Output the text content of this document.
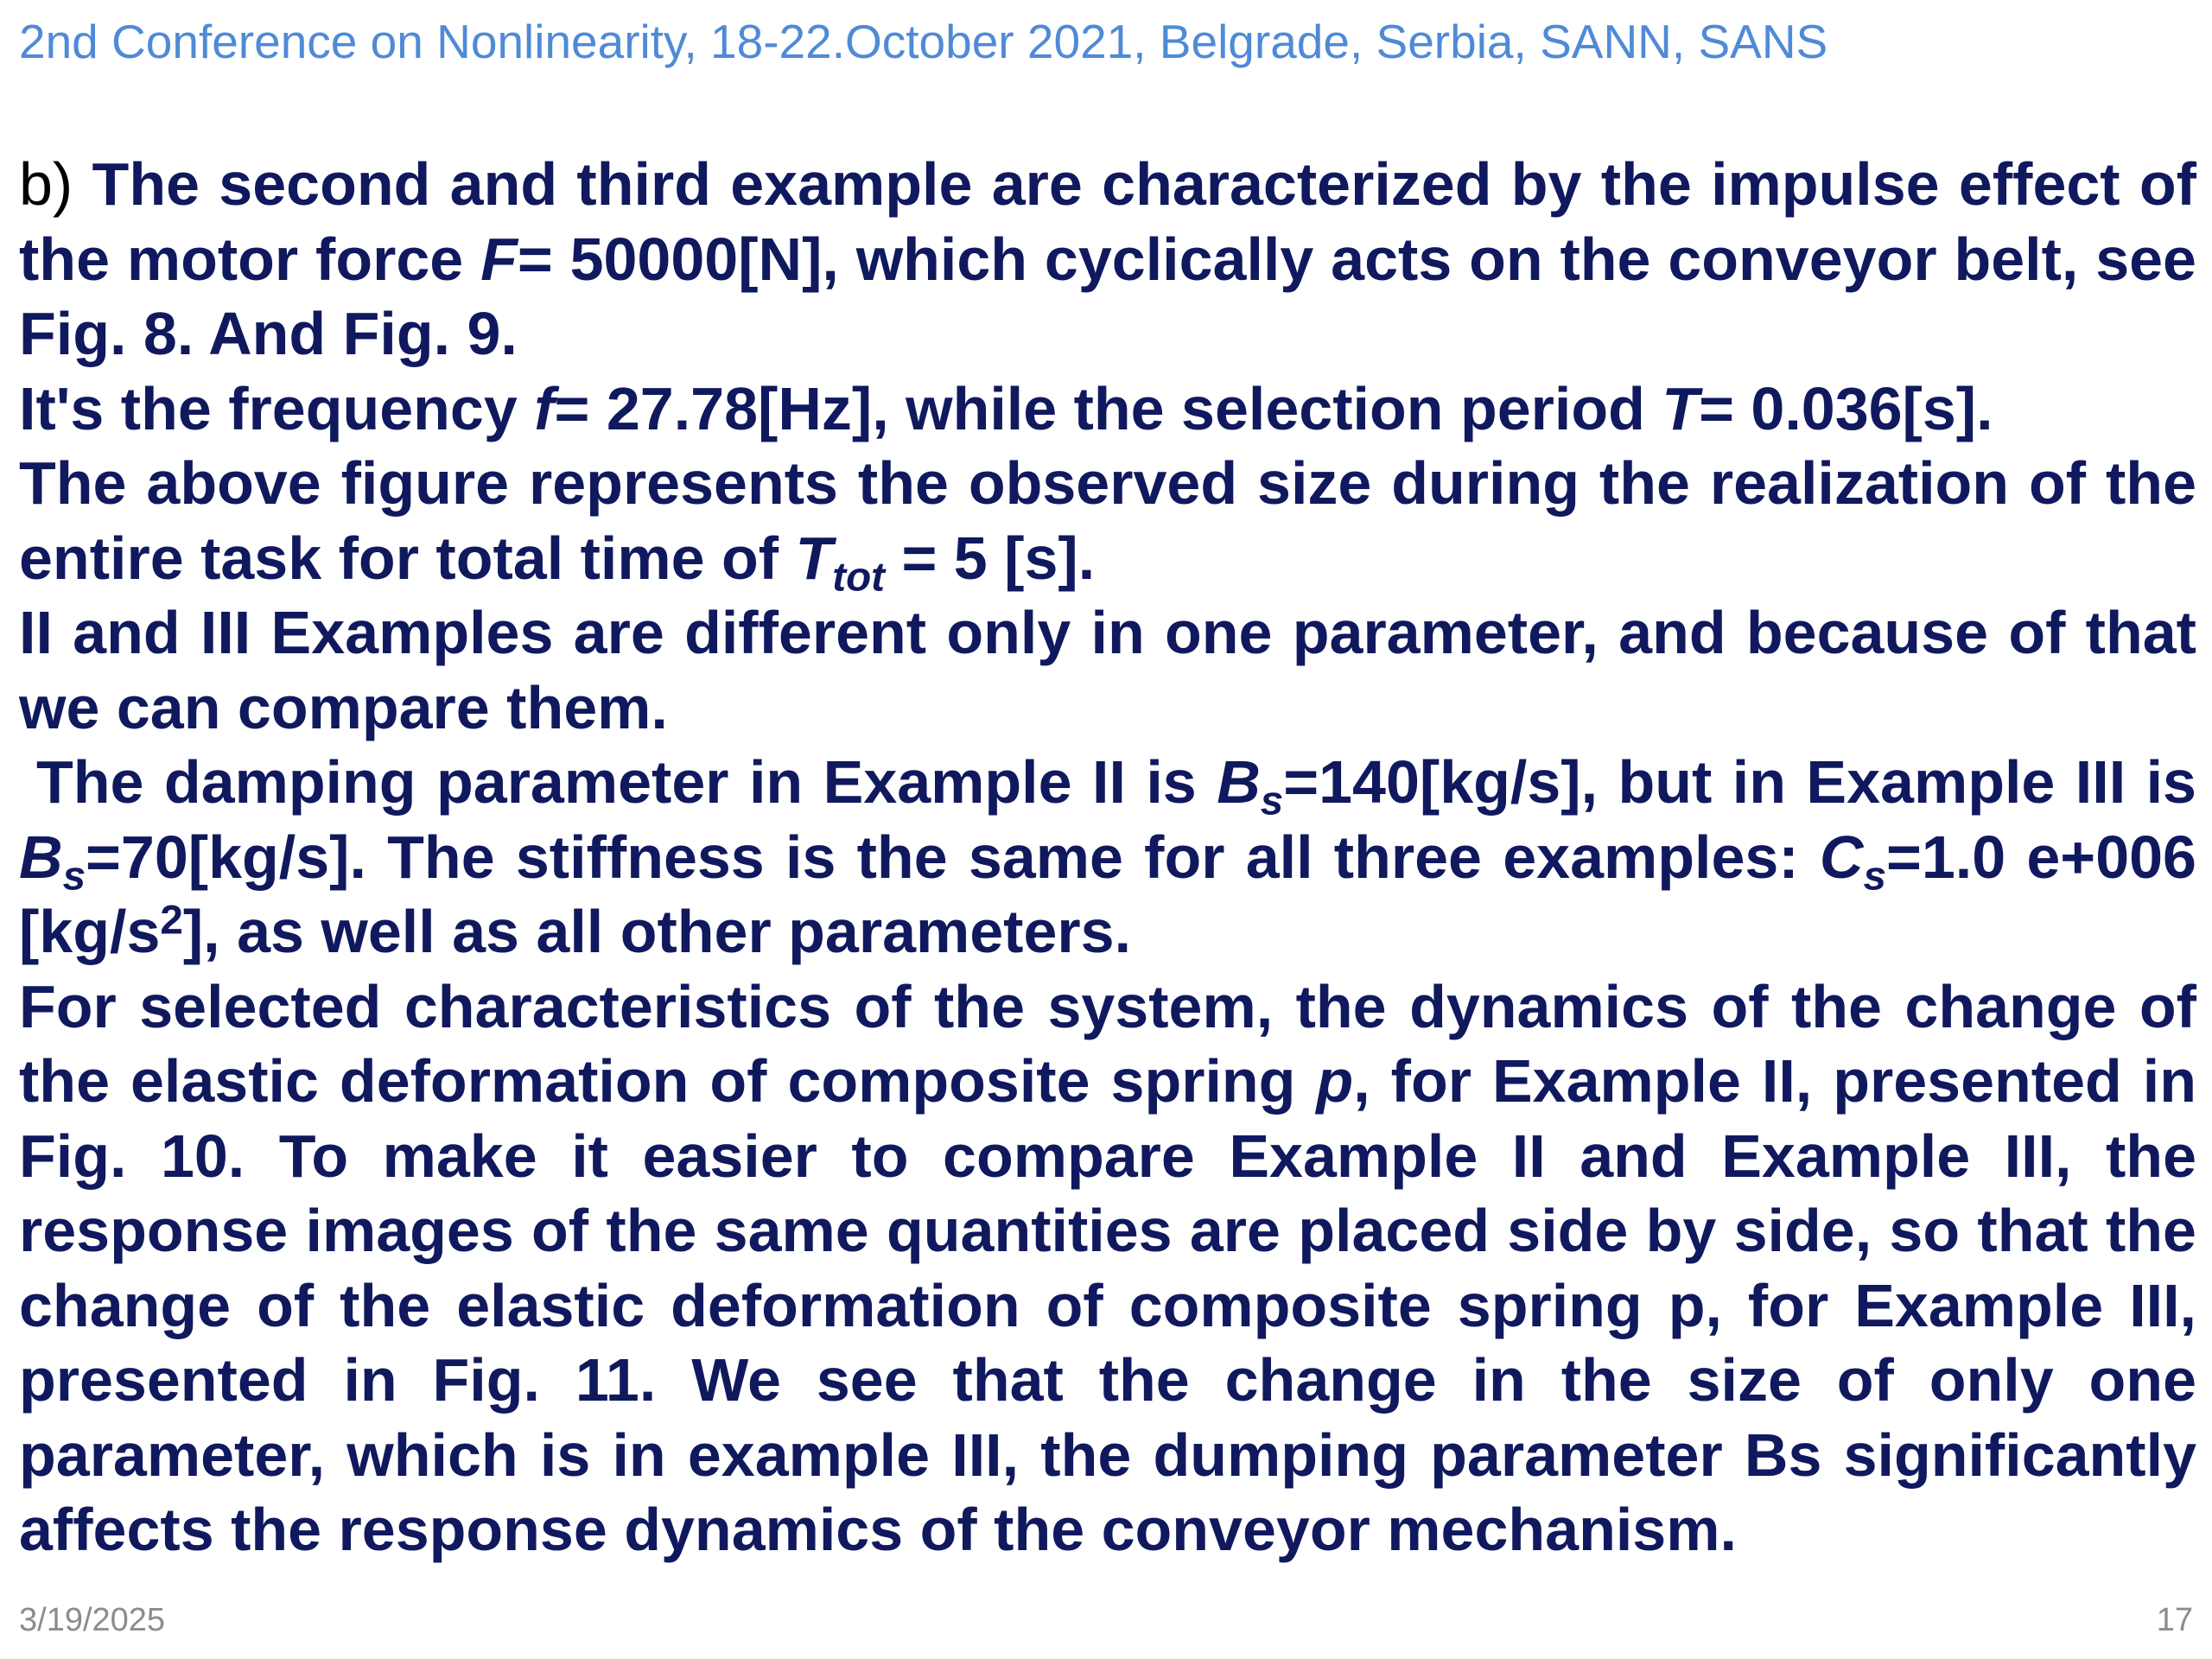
2nd Conference on Nonlinearity, 18-22.October 2021, Belgrade, Serbia, SANN, SANS

b) The second and third example are characterized by the impulse effect of the motor force F= 50000[N], which cyclically acts on the conveyor belt, see Fig. 8. And Fig. 9.

It's the frequency f= 27.78[Hz], while the selection period T= 0.036[s].

The above figure represents the observed size during the realization of the entire task for total time of $T_{tot} = 5$ [s].

II and III Examples are different only in one parameter, and because of that we can compare them.

The damping parameter in Example II is $B_s=140[kg/s]$, but in Example III is $B_s=70[kg/s]$. The stiffness is the same for all three examples: $C_s=1.0$ e+006 $[kg/s^2]$, as well as all other parameters.

For selected characteristics of the system, the dynamics of the change of the elastic deformation of composite spring p, for Example II, presented in Fig. 10. To make it easier to compare Example II and Example III, the response images of the same quantities are placed side by side, so that the change of the elastic deformation of composite spring p, for Example III, presented in Fig. 11. We see that the change in the size of only one parameter, which is in example III, the dumping parameter Bs significantly affects the response dynamics of the conveyor mechanism.

3/19/2025	17
